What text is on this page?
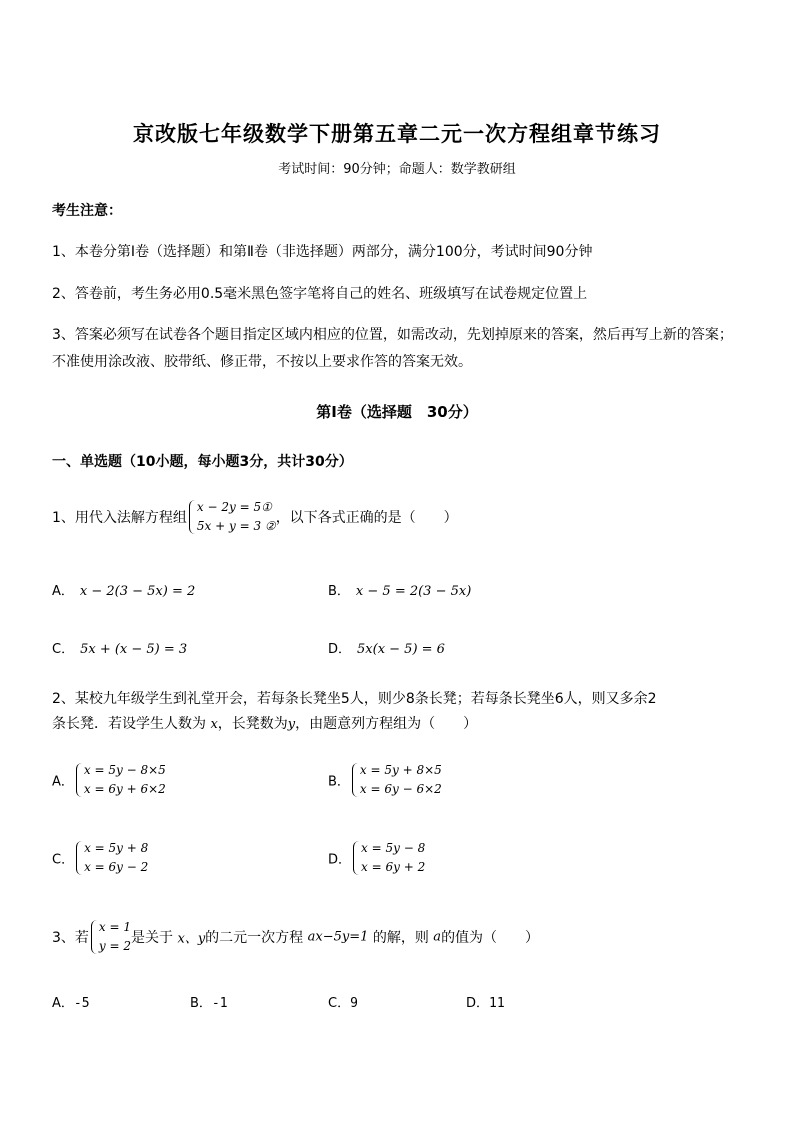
京改版七年级数学下册第五章二元一次方程组章节练习
考试时间：90分钟；命题人：数学教研组
考生注意：
1、本卷分第Ⅰ卷（选择题）和第Ⅱ卷（非选择题）两部分，满分100分，考试时间90分钟
2、答卷前，考生务必用0.5毫米黑色签字笔将自己的姓名、班级填写在试卷规定位置上
3、答案必须写在试卷各个题目指定区域内相应的位置，如需改动，先划掉原来的答案，然后再写上新的答案；不准使用涂改液、胶带纸、修正带，不按以上要求作答的答案无效。
第Ⅰ卷（选择题　30分）
一、单选题（10小题，每小题3分，共计30分）
1、用代入法解方程组
x − 2y = 5①
5x + y = 3 ② ，以下各式正确的是（　　）
A． x − 2(3 − 5x) = 2	B． x − 5 = 2(3 − 5x)
C． 5x + (x − 5) = 3	D． 5x(x − 5) = 6
2、某校九年级学生到礼堂开会，若每条长凳坐5人，则少8条长凳；若每条长凳坐6人，则又多余2
条长凳．若设学生人数为 x，长凳数为y，由题意列方程组为（　　）
A．
x = 5y − 8×5
x = 6y + 6×2	B．
x = 5y + 8×5
x = 6y − 6×2
C．
x = 5y + 8
x = 6y − 2	D．
x = 5y − 8
x = 6y + 2
3、若
x = 1
y = 2 是关于 x、y的二元一次方程 ax−5y=1 的解，则 a的值为（　　）
A．-5	B．-1	C．9	D．11
